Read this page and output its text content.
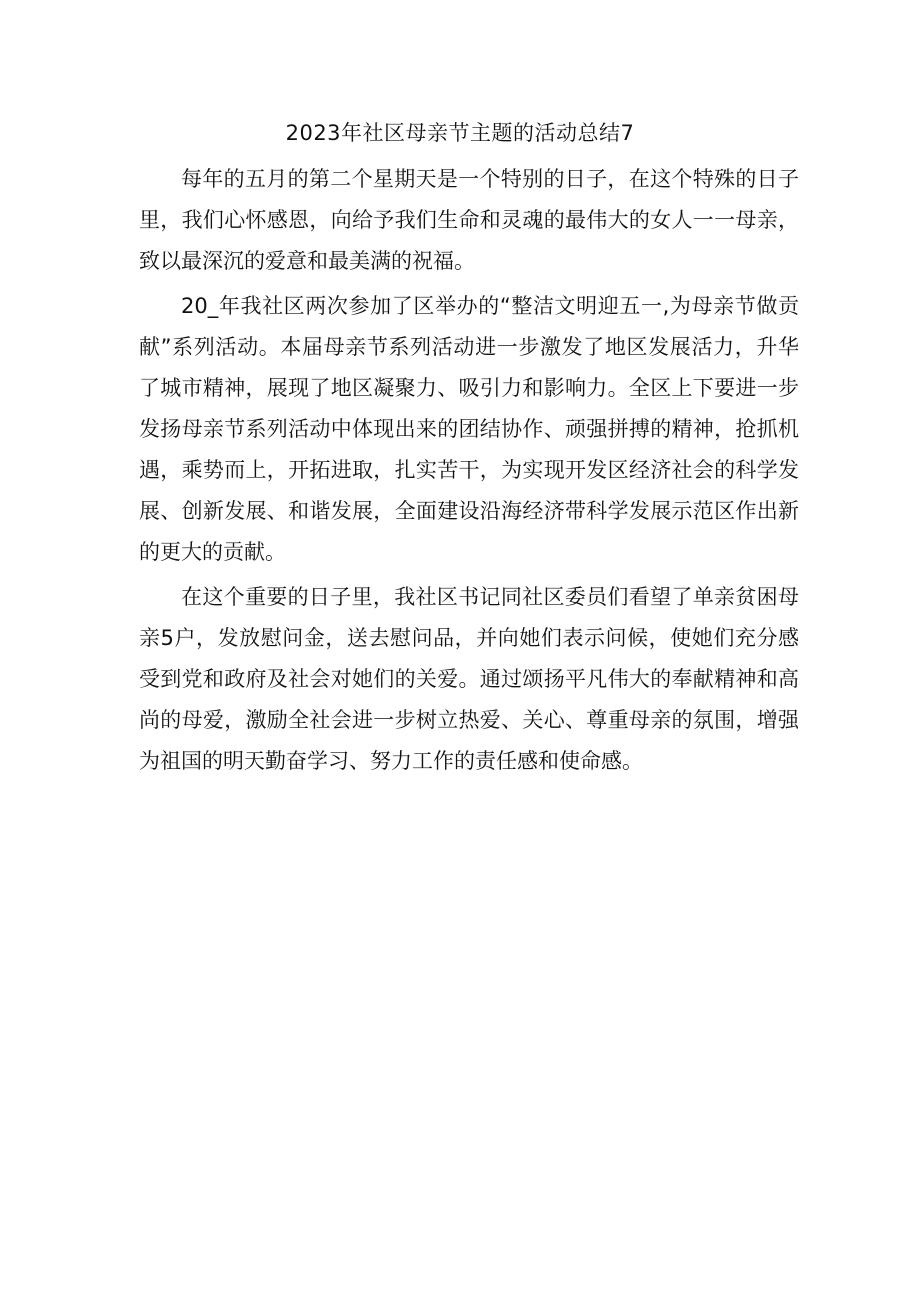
2023年社区母亲节主题的活动总结7

每年的五月的第二个星期天是一个特别的日子，在这个特殊的日子里，我们心怀感恩，向给予我们生命和灵魂的最伟大的女人一一母亲，致以最深沉的爱意和最美满的祝福。

20_年我社区两次参加了区举办的“整洁文明迎五一,为母亲节做贡献”系列活动。本届母亲节系列活动进一步激发了地区发展活力，升华了城市精神，展现了地区凝聚力、吸引力和影响力。全区上下要进一步发扬母亲节系列活动中体现出来的团结协作、顽强拼搏的精神，抢抓机遇，乘势而上，开拓进取，扎实苦干，为实现开发区经济社会的科学发展、创新发展、和谐发展，全面建设沿海经济带科学发展示范区作出新的更大的贡献。

在这个重要的日子里，我社区书记同社区委员们看望了单亲贫困母亲5户，发放慰问金，送去慰问品，并向她们表示问候，使她们充分感受到党和政府及社会对她们的关爱。通过颂扬平凡伟大的奉献精神和高尚的母爱，激励全社会进一步树立热爱、关心、尊重母亲的氛围，增强为祖国的明天勤奋学习、努力工作的责任感和使命感。
